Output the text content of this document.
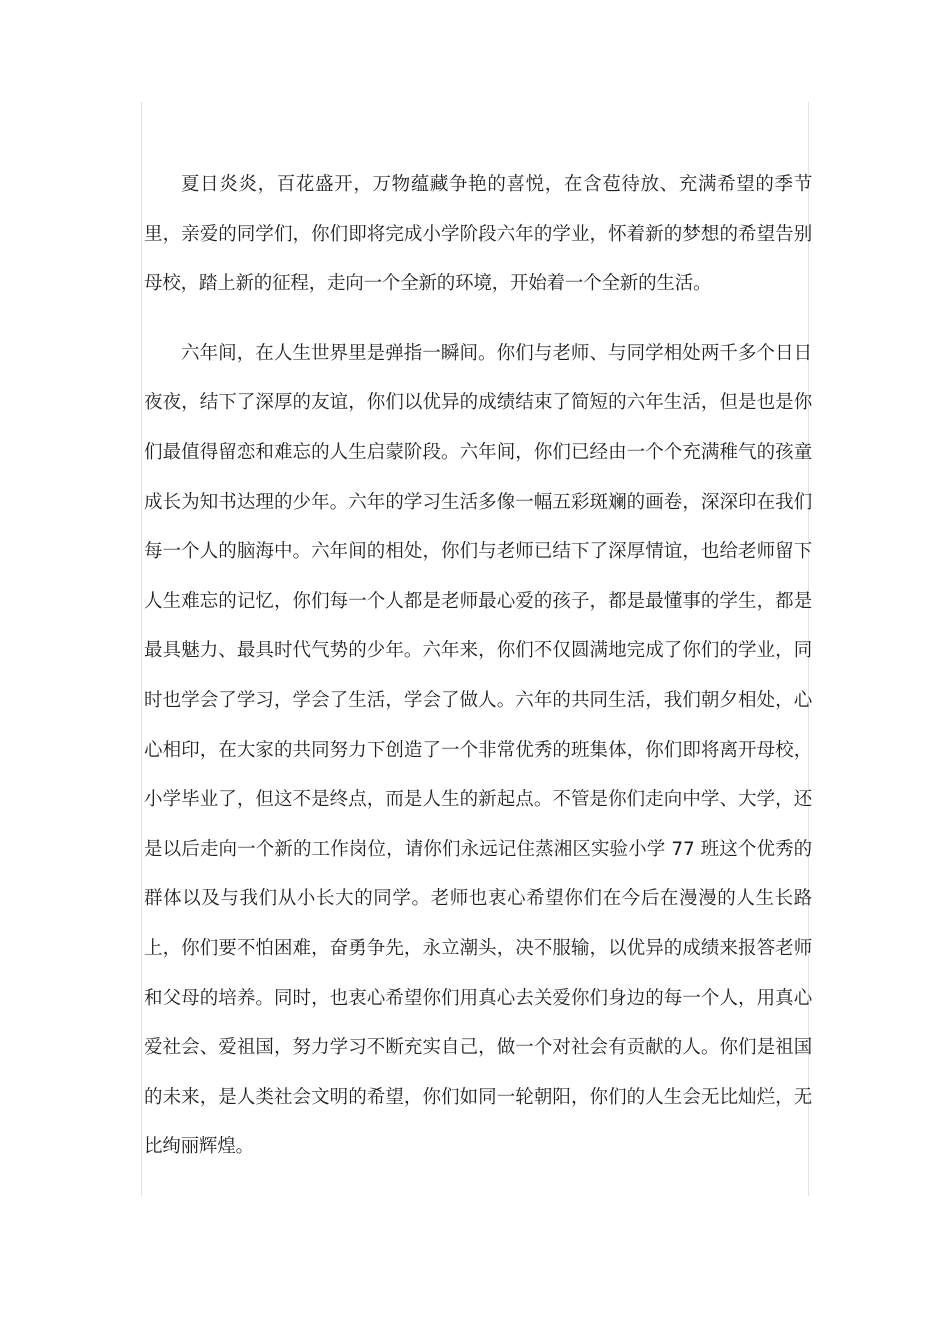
夏日炎炎，百花盛开，万物蕴藏争艳的喜悦，在含苞待放、充满希望的季节里，亲爱的同学们，你们即将完成小学阶段六年的学业，怀着新的梦想的希望告别母校，踏上新的征程，走向一个全新的环境，开始着一个全新的生活。

六年间，在人生世界里是弹指一瞬间。你们与老师、与同学相处两千多个日日夜夜，结下了深厚的友谊，你们以优异的成绩结束了简短的六年生活，但是也是你们最值得留恋和难忘的人生启蒙阶段。六年间，你们已经由一个个充满稚气的孩童成长为知书达理的少年。六年的学习生活多像一幅五彩斑斓的画卷，深深印在我们每一个人的脑海中。六年间的相处，你们与老师已结下了深厚情谊，也给老师留下人生难忘的记忆，你们每一个人都是老师最心爱的孩子，都是最懂事的学生，都是最具魅力、最具时代气势的少年。六年来，你们不仅圆满地完成了你们的学业，同时也学会了学习，学会了生活，学会了做人。六年的共同生活，我们朝夕相处，心心相印，在大家的共同努力下创造了一个非常优秀的班集体，你们即将离开母校，小学毕业了，但这不是终点，而是人生的新起点。不管是你们走向中学、大学，还是以后走向一个新的工作岗位，请你们永远记住蒸湘区实验小学 77 班这个优秀的群体以及与我们从小长大的同学。老师也衷心希望你们在今后在漫漫的人生长路上，你们要不怕困难，奋勇争先，永立潮头，决不服输，以优异的成绩来报答老师和父母的培养。同时，也衷心希望你们用真心去关爱你们身边的每一个人，用真心爱社会、爱祖国，努力学习不断充实自己，做一个对社会有贡献的人。你们是祖国的未来，是人类社会文明的希望，你们如同一轮朝阳，你们的人生会无比灿烂，无比绚丽辉煌。
